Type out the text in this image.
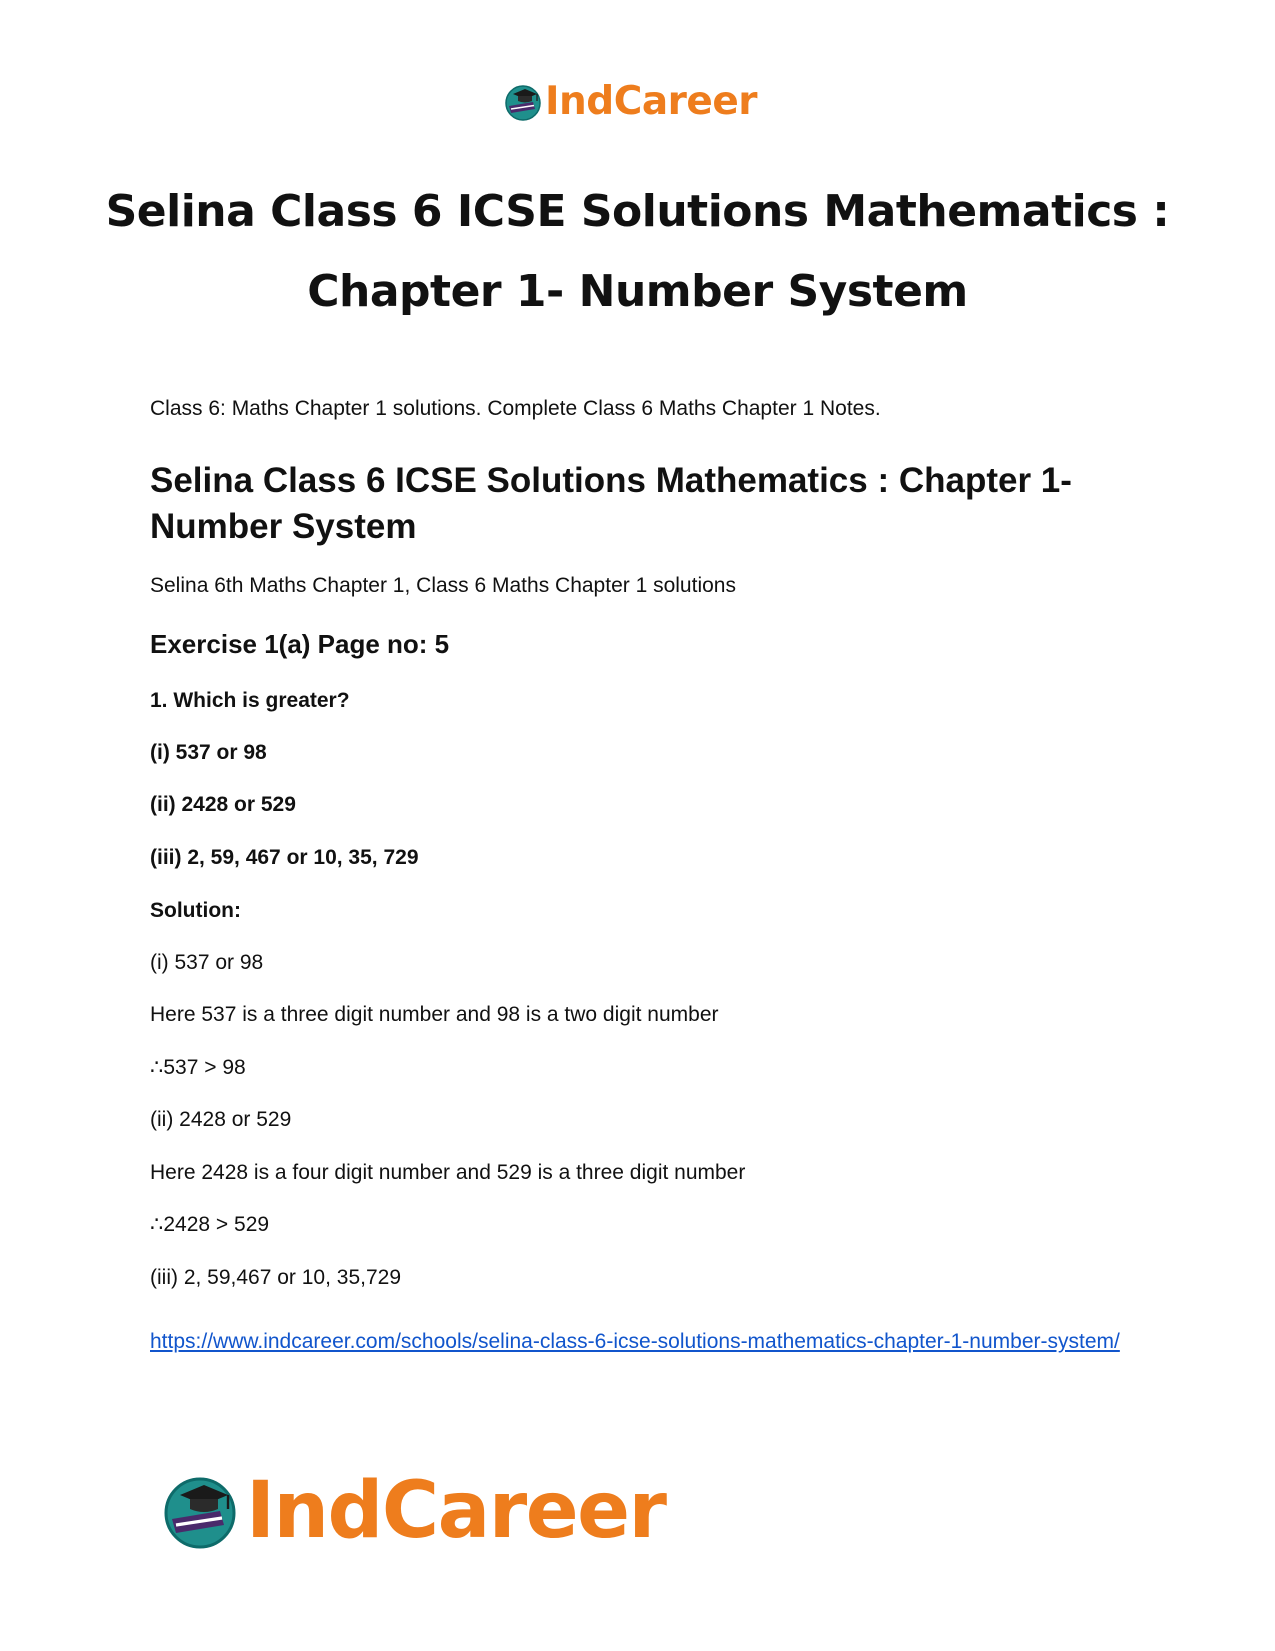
IndCareer
Selina Class 6 ICSE Solutions Mathematics :
Chapter 1- Number System

Class 6: Maths Chapter 1 solutions. Complete Class 6 Maths Chapter 1 Notes.

Selina Class 6 ICSE Solutions Mathematics : Chapter 1- Number System

Selina 6th Maths Chapter 1, Class 6 Maths Chapter 1 solutions

Exercise 1(a) Page no: 5

1. Which is greater?

(i) 537 or 98

(ii) 2428 or 529

(iii) 2, 59, 467 or 10, 35, 729

Solution:

(i) 537 or 98

Here 537 is a three digit number and 98 is a two digit number

∴537 > 98

(ii) 2428 or 529

Here 2428 is a four digit number and 529 is a three digit number

∴2428 > 529

(iii) 2, 59,467 or 10, 35,729

https://www.indcareer.com/schools/selina-class-6-icse-solutions-mathematics-chapter-1-number-system/
IndCareer
